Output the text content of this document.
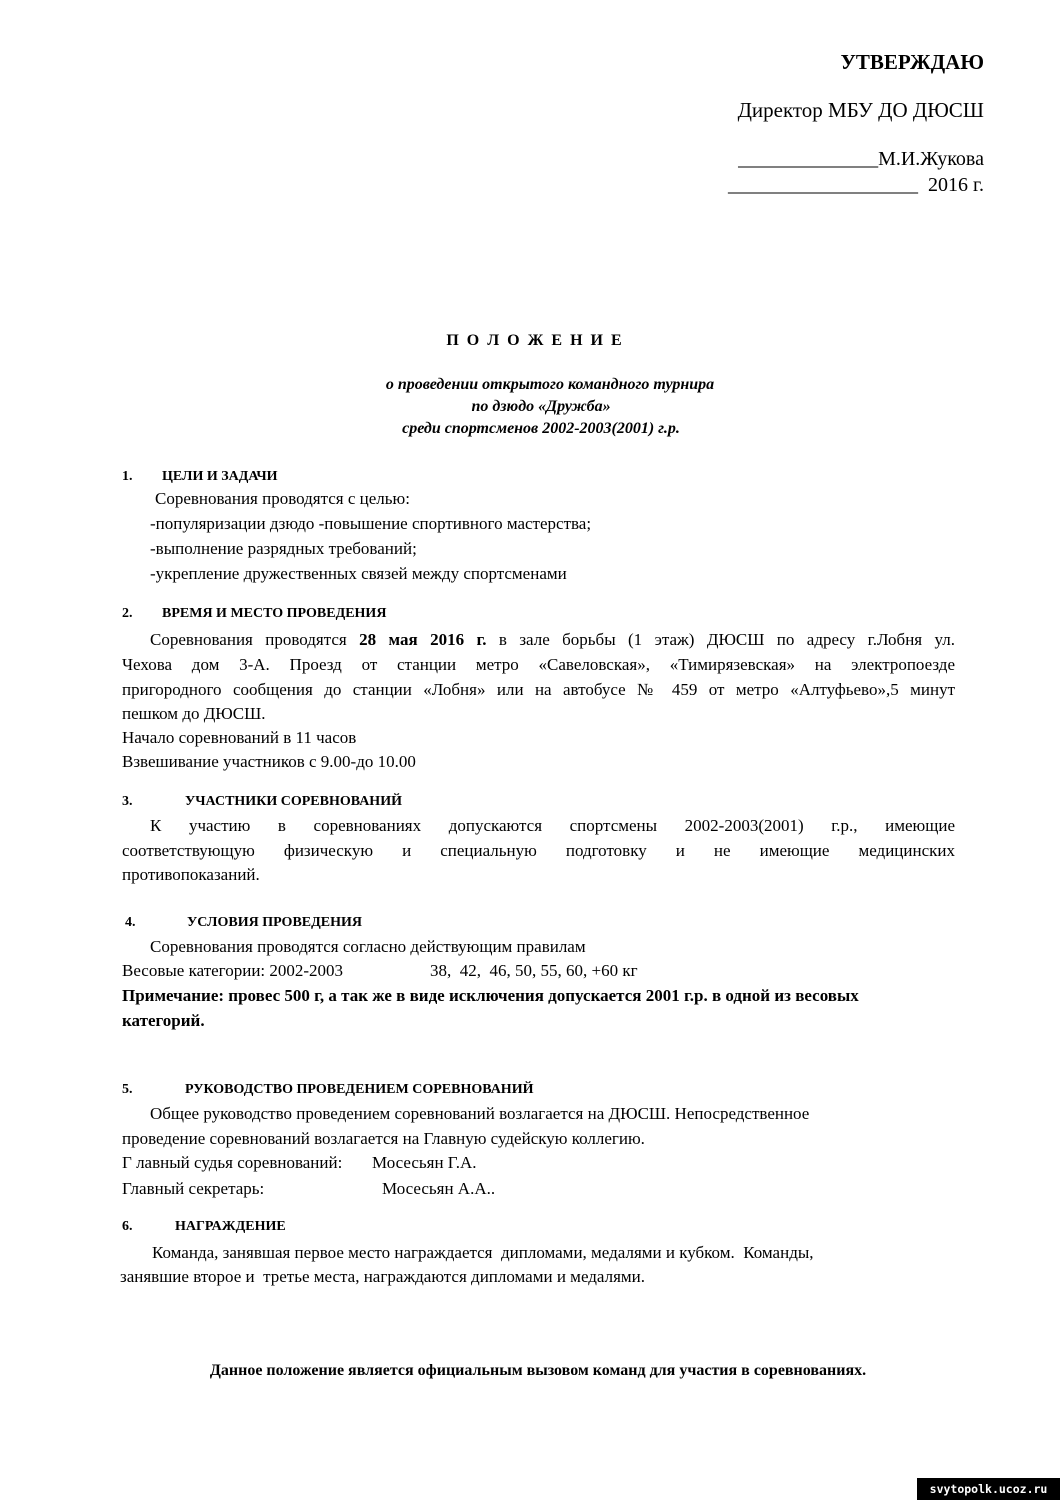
УТВЕРЖДАЮ
Директор МБУ ДО ДЮСШ
______________М.И.Жукова
___________________  2016 г.
П О Л О Ж Е Н И Е
о проведении открытого командного турнира
по дзюдо «Дружба»
среди спортсменов 2002-2003(2001) г.р.
1. ЦЕЛИ И ЗАДАЧИ
Соревнования проводятся с целью:
-популяризации дзюдо -повышение спортивного мастерства;
-выполнение разрядных требований;
-укрепление дружественных связей между спортсменами
2. ВРЕМЯ И МЕСТО ПРОВЕДЕНИЯ
Соревнования проводятся 28 мая 2016 г. в зале борьбы (1 этаж) ДЮСШ по адресу г.Лобня ул.
Чехова дом 3-А. Проезд от станции метро «Савеловская», «Тимирязевская» на электропоезде
пригородного сообщения до станции «Лобня» или на автобусе № 459 от метро «Алтуфьево»,5 минут
пешком до ДЮСШ.
Начало соревнований в 11 часов
Взвешивание участников с 9.00-до 10.00
3.	УЧАСТНИКИ СОРЕВНОВАНИЙ
К участию в соревнованиях допускаются спортсмены 2002-2003(2001) г.р., имеющие
соответствующую физическую и специальную подготовку и не имеющие медицинских
противопоказаний.
4.	УСЛОВИЯ ПРОВЕДЕНИЯ
Соревнования проводятся согласно действующим правилам
Весовые категории: 2002-2003	38,  42,  46, 50, 55, 60, +60 кг
Примечание: провес 500 г, а так же в виде исключения допускается 2001 г.р. в одной из весовых
категорий.
5.	РУКОВОДСТВО ПРОВЕДЕНИЕМ СОРЕВНОВАНИЙ
Общее руководство проведением соревнований возлагается на ДЮСШ. Непосредственное
проведение соревнований возлагается на Главную судейскую коллегию.
Г лавный судья соревнований: Мосесьян Г.А.
Главный секретарь:	Мосесьян А.А..
6.	НАГРАЖДЕНИЕ
Команда, занявшая первое место награждается  дипломами, медалями и кубком.  Команды,
занявшие второе и  третье места, награждаются дипломами и медалями.
Данное положение является официальным вызовом команд для участия в соревнованиях.
svytopolk.ucoz.ru
